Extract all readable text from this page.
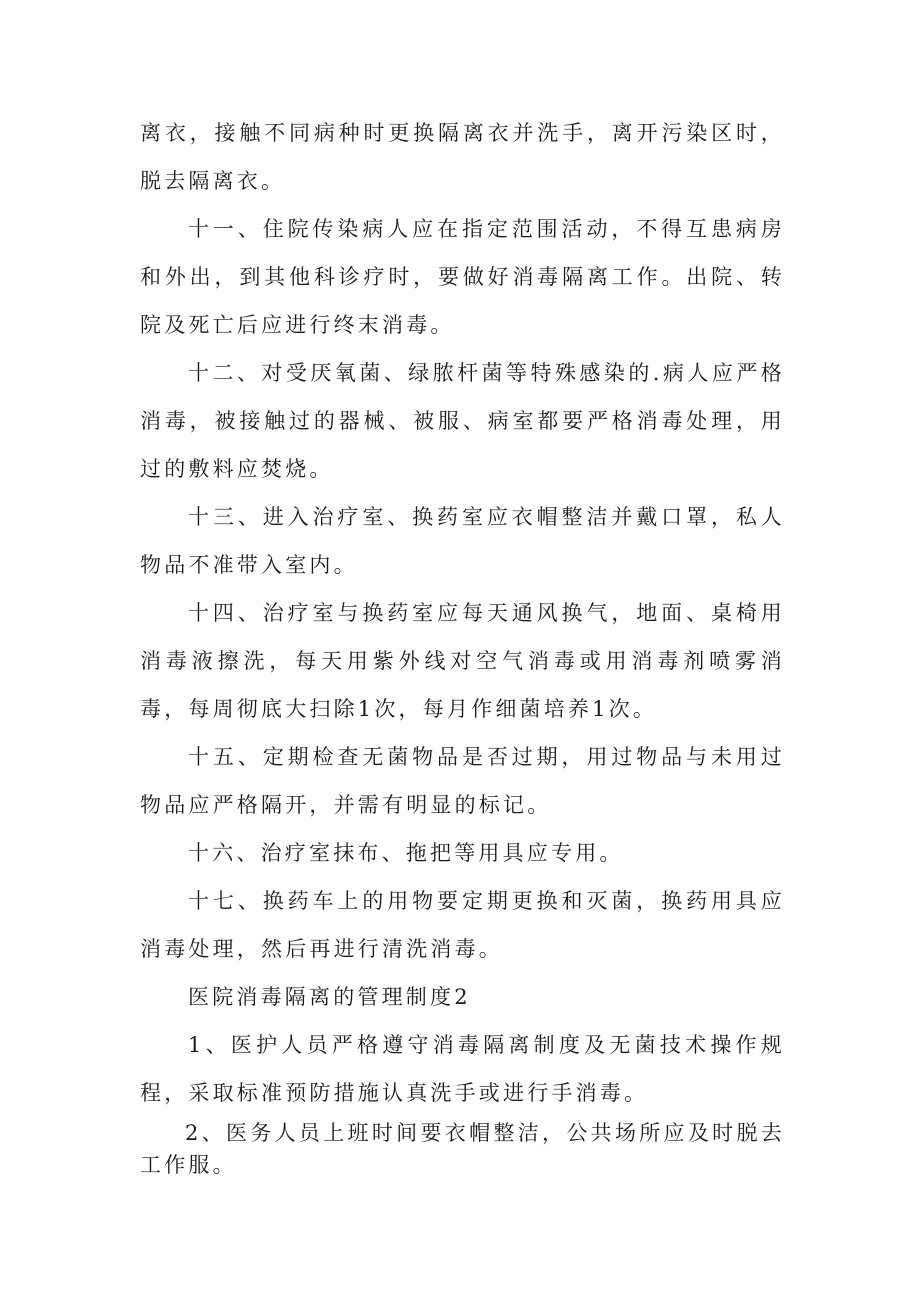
离衣，接触不同病种时更换隔离衣并洗手，离开污染区时，脱去隔离衣。

十一、住院传染病人应在指定范围活动，不得互患病房和外出，到其他科诊疗时，要做好消毒隔离工作。出院、转院及死亡后应进行终末消毒。

十二、对受厌氧菌、绿脓杆菌等特殊感染的.病人应严格消毒，被接触过的器械、被服、病室都要严格消毒处理，用过的敷料应焚烧。

十三、进入治疗室、换药室应衣帽整洁并戴口罩，私人物品不准带入室内。

十四、治疗室与换药室应每天通风换气，地面、桌椅用消毒液擦洗，每天用紫外线对空气消毒或用消毒剂喷雾消毒，每周彻底大扫除1次，每月作细菌培养1次。

十五、定期检查无菌物品是否过期，用过物品与未用过物品应严格隔开，并需有明显的标记。

十六、治疗室抹布、拖把等用具应专用。

十七、换药车上的用物要定期更换和灭菌，换药用具应消毒处理，然后再进行清洗消毒。

医院消毒隔离的管理制度2

1、医护人员严格遵守消毒隔离制度及无菌技术操作规程，采取标准预防措施认真洗手或进行手消毒。

2、医务人员上班时间要衣帽整洁，公共场所应及时脱去工作服。
